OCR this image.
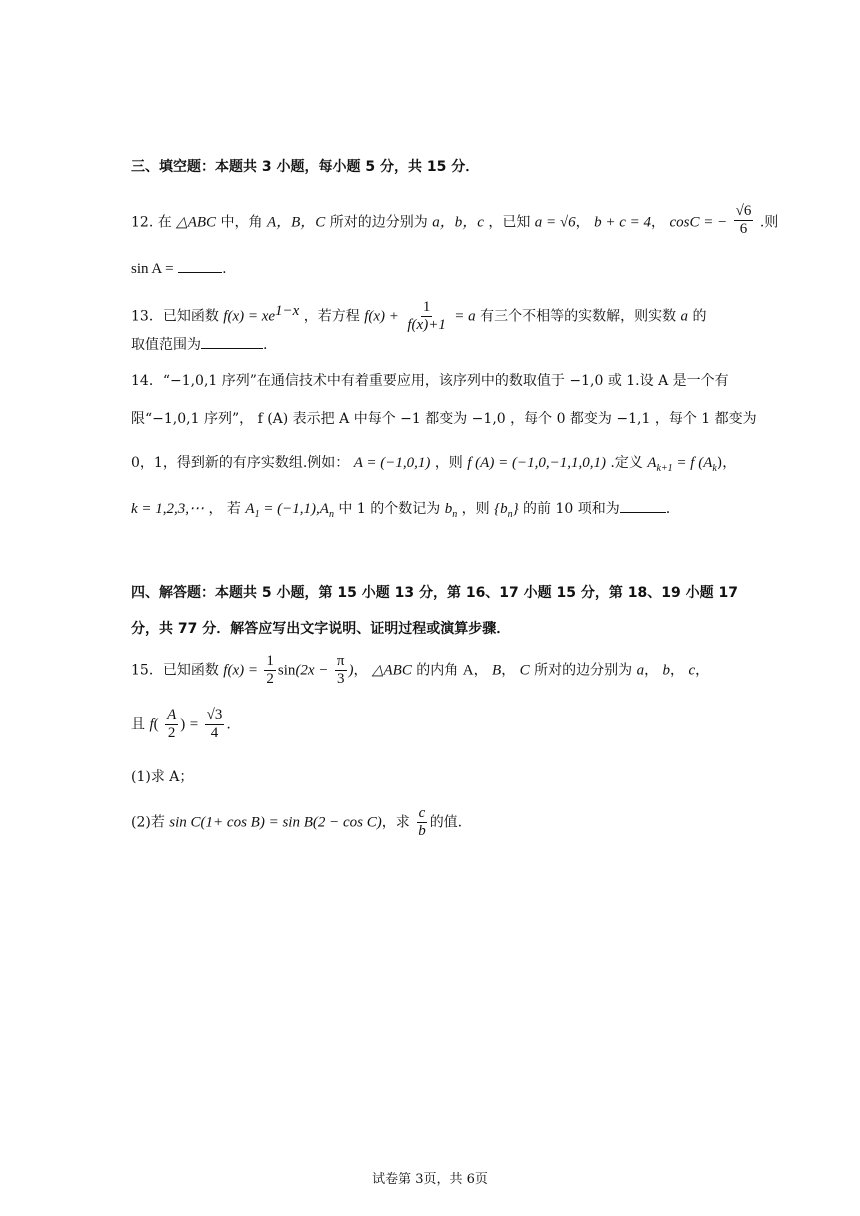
三、填空题：本题共 3 小题，每小题 5 分，共 15 分．
12. 在 △ABC 中，角 A，B，C 所对的边分别为 a，b，c ，已知 a = √6， b + c = 4， cosC = − $\frac{√6}{6}$ .则
sin A =	.
13．已知函数 $f(x) = xe^{1-x}$ ，若方程 $f(x) + \frac{1}{f(x)+1} = a$ 有三个不相等的实数解，则实数 a 的
取值范围为	.
14．“−1,0,1 序列”在通信技术中有着重要应用，该序列中的数取值于 −1,0 或 1.设 A 是一个有
限“−1,0,1 序列”， f (A) 表示把 A 中每个 −1 都变为 −1,0 ，每个 0 都变为 −1,1 ，每个 1 都变为
0，1，得到新的有序实数组.例如： A = (−1,0,1) ，则 f (A) = (−1,0,−1,1,0,1) .定义 $A_{k+1} = f$ $(A_k)$，
k = 1,2,3,⋯ ， 若 $A_1 = (-1,1),A_n$ 中 1 的个数记为 $b_n$ ，则 $\{b_n\}$ 的前 10 项和为	.
四、解答题：本题共 5 小题，第 15 小题 13 分，第 16、17 小题 15 分，第 18、19 小题 17
分，共 77 分．解答应写出文字说明、证明过程或演算步骤．
15．已知函数 $f(x) = \frac{1}{2} \sin(2x - \frac{\pi}{3}$ )， △ABC 的内角 A， B， C 所对的边分别为 a， b， c，
且 $f( \frac{A}{2}$ ) = $\frac{√3}{4}$ .
(1)求 A；
(2)若 sin C(1+ cos B) = sin B(2 − cos C)，求 $\frac{c}{b}$ 的值.
试卷第 3页，共 6页
